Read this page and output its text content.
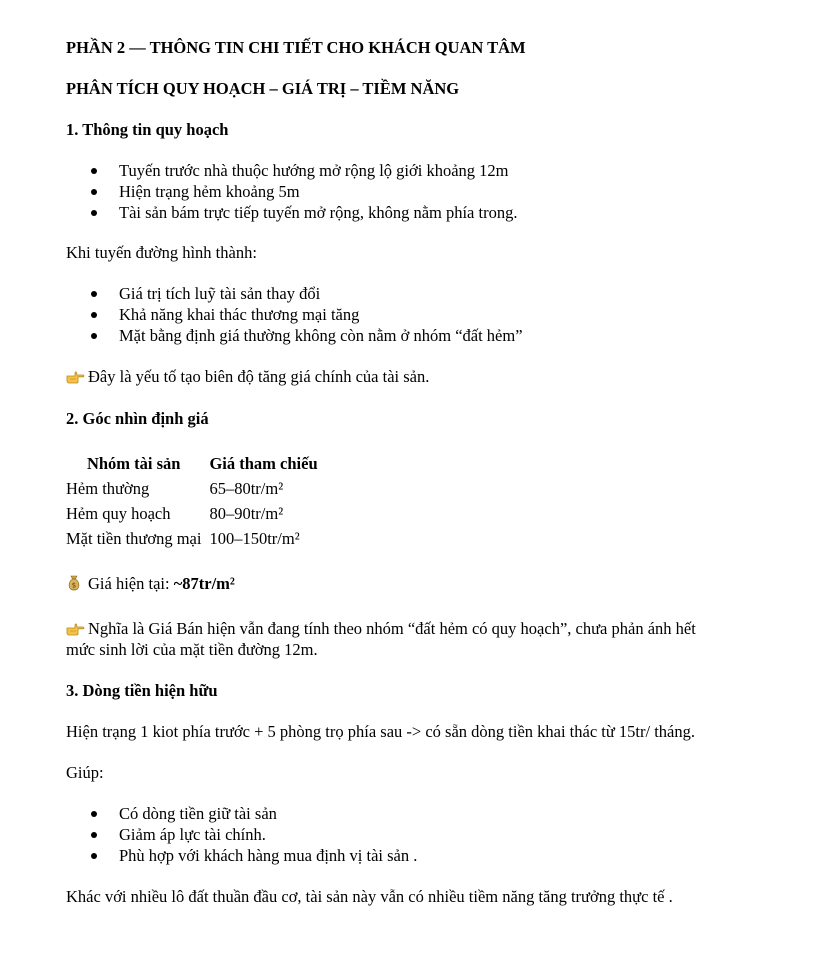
PHẦN 2 — THÔNG TIN CHI TIẾT CHO KHÁCH QUAN TÂM

PHÂN TÍCH QUY HOẠCH – GIÁ TRỊ – TIỀM NĂNG

1. Thông tin quy hoạch

Tuyến trước nhà thuộc hướng mở rộng lộ giới khoảng 12m
Hiện trạng hẻm khoảng 5m
Tài sản bám trực tiếp tuyến mở rộng, không nằm phía trong.

Khi tuyến đường hình thành:

Giá trị tích luỹ tài sản thay đổi
Khả năng khai thác thương mại tăng
Mặt bằng định giá thường không còn nằm ở nhóm “đất hẻm”

Đây là yếu tố tạo biên độ tăng giá chính của tài sản.

2. Góc nhìn định giá

Nhóm tài sản	Giá tham chiếu
Hẻm thường	65–80tr/m²
Hẻm quy hoạch	80–90tr/m²
Mặt tiền thương mại	100–150tr/m²

$ Giá hiện tại: ~87tr/m²

Nghĩa là Giá Bán hiện vẫn đang tính theo nhóm “đất hẻm có quy hoạch”, chưa phản ánh hết

mức sinh lời của mặt tiền đường 12m.

3. Dòng tiền hiện hữu

Hiện trạng 1 kiot phía trước + 5 phòng trọ phía sau -> có sẵn dòng tiền khai thác từ 15tr/ tháng.

Giúp:

Có dòng tiền giữ tài sản
Giảm áp lực tài chính.
Phù hợp với khách hàng mua định vị tài sản .

Khác với nhiều lô đất thuần đầu cơ, tài sản này vẫn có nhiều tiềm năng tăng trưởng thực tế .
